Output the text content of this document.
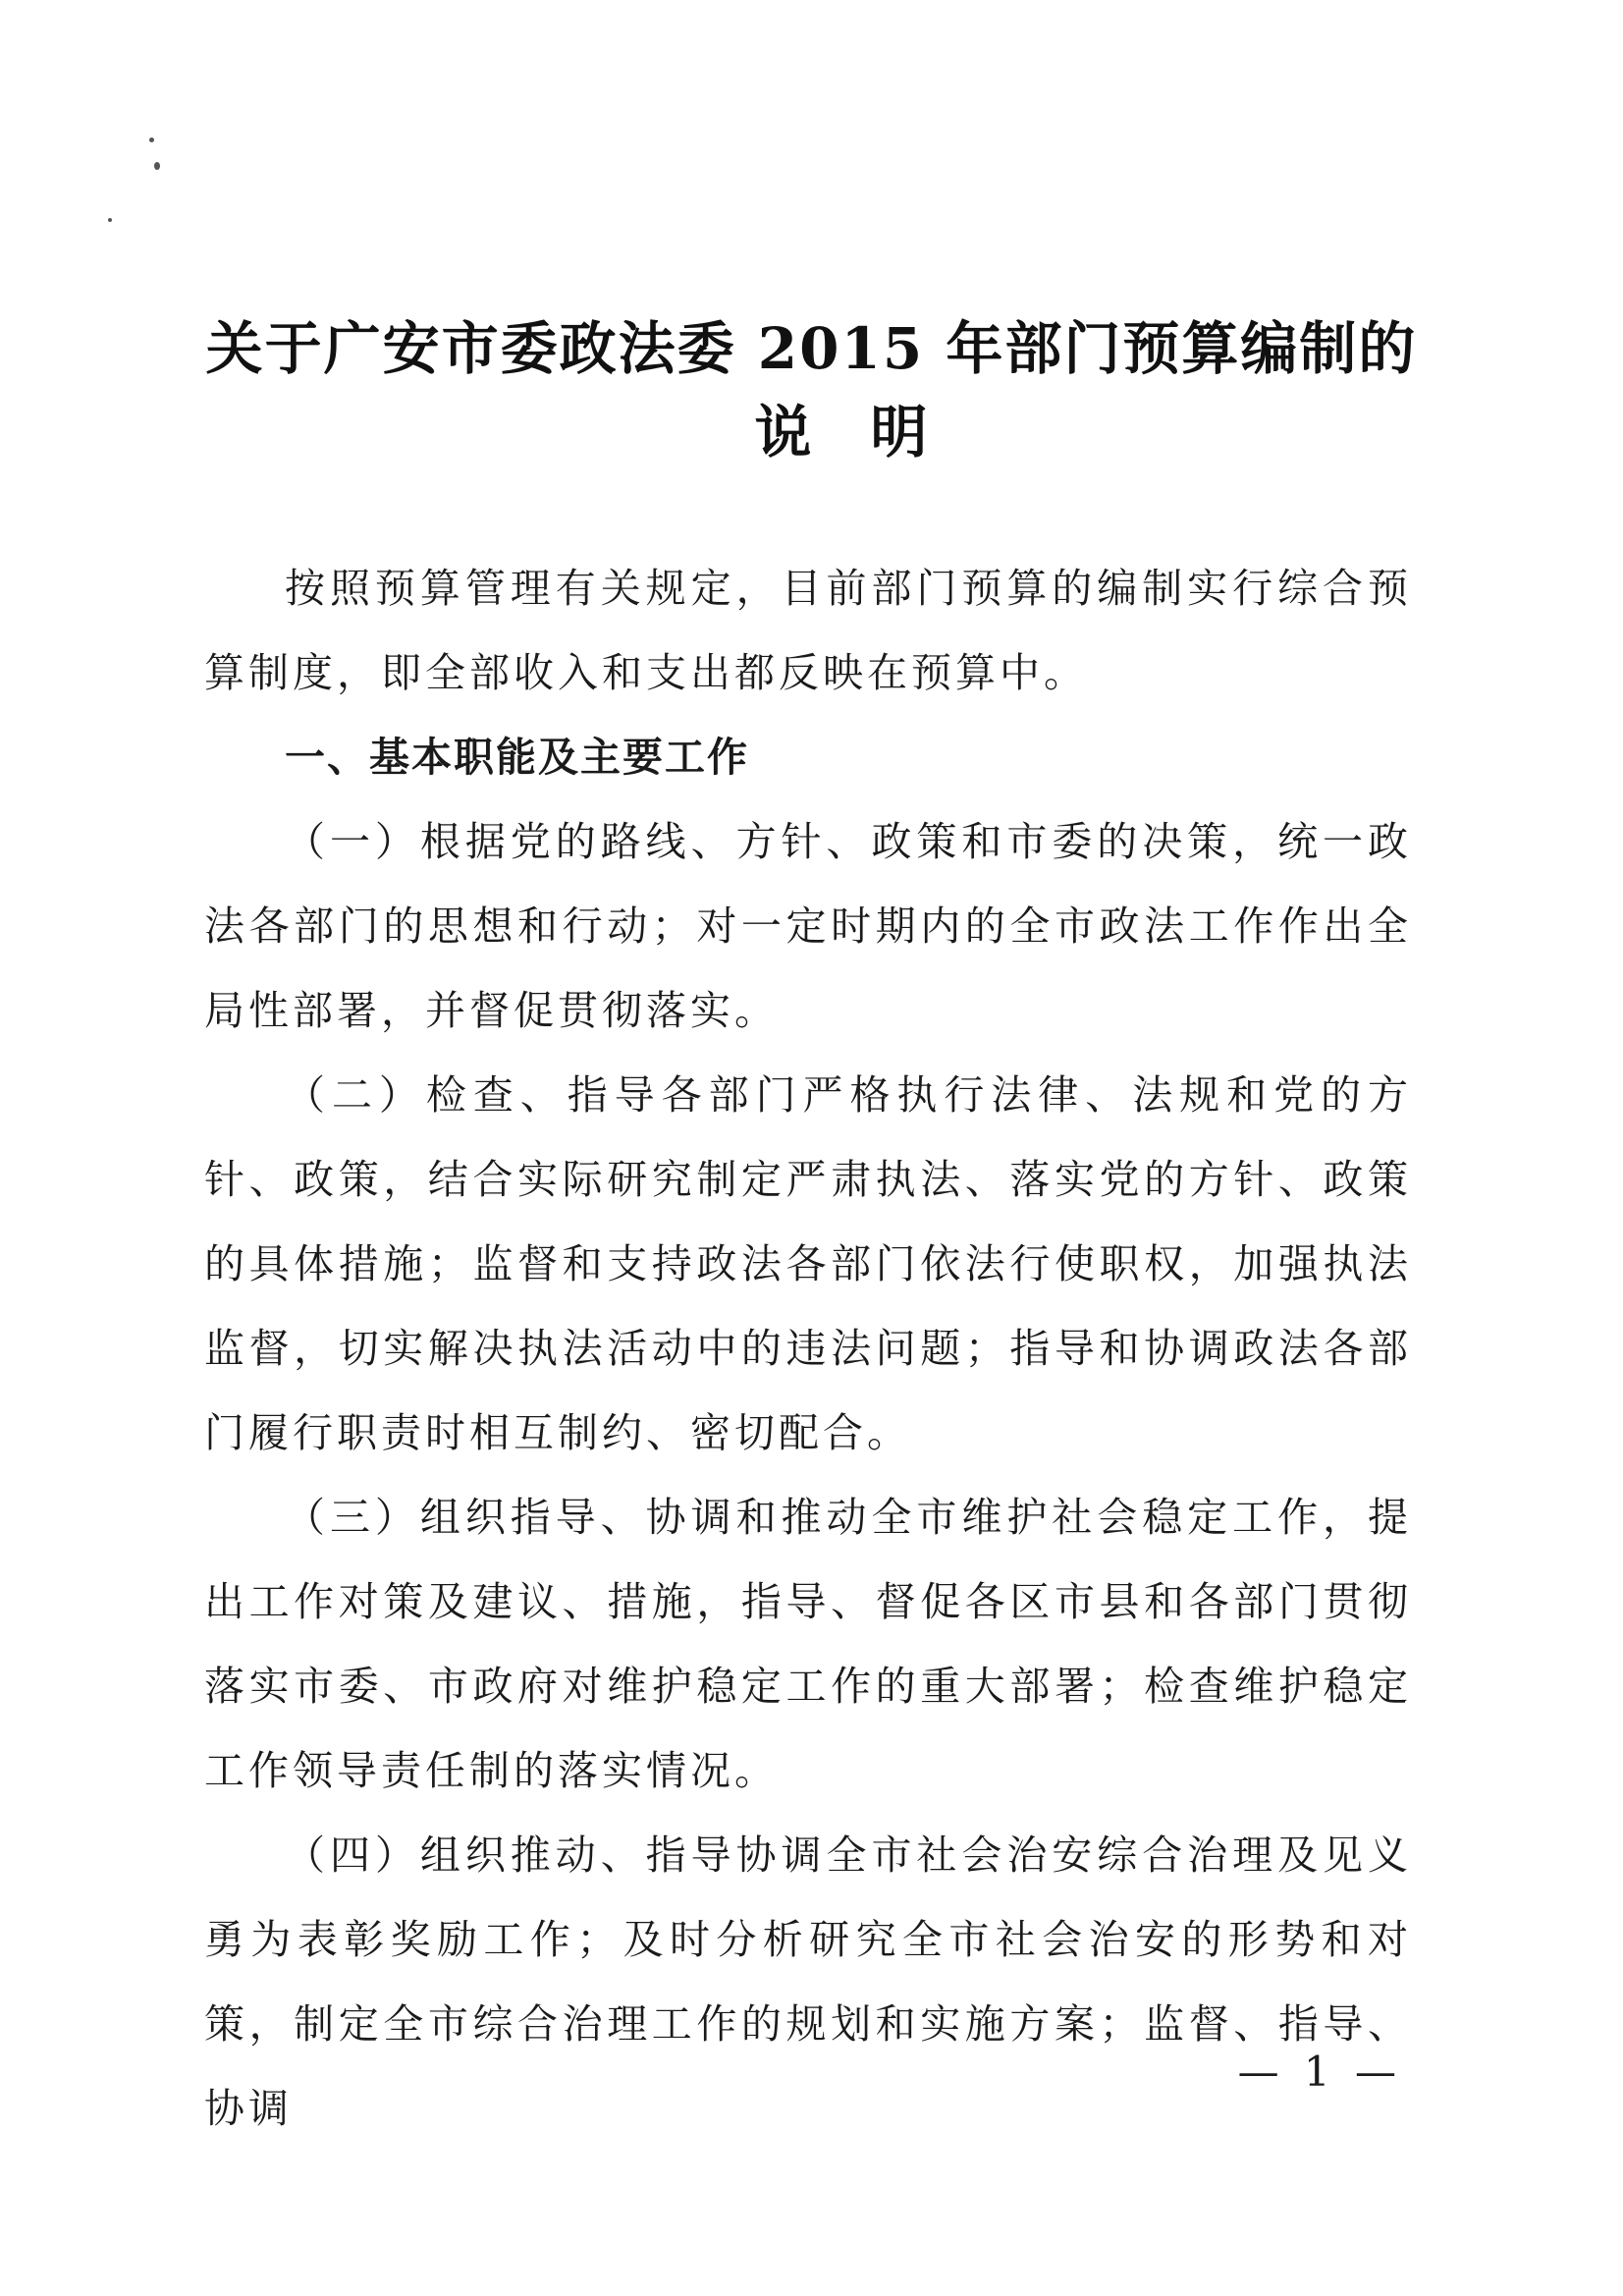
关于广安市委政法委 2015 年部门预算编制的
说明

按照预算管理有关规定，目前部门预算的编制实行综合预算制度，即全部收入和支出都反映在预算中。

一、基本职能及主要工作

（一）根据党的路线、方针、政策和市委的决策，统一政法各部门的思想和行动；对一定时期内的全市政法工作作出全局性部署，并督促贯彻落实。

（二）检查、指导各部门严格执行法律、法规和党的方针、政策，结合实际研究制定严肃执法、落实党的方针、政策的具体措施；监督和支持政法各部门依法行使职权，加强执法监督，切实解决执法活动中的违法问题；指导和协调政法各部门履行职责时相互制约、密切配合。

（三）组织指导、协调和推动全市维护社会稳定工作，提出工作对策及建议、措施，指导、督促各区市县和各部门贯彻落实市委、市政府对维护稳定工作的重大部署；检查维护稳定工作领导责任制的落实情况。

（四）组织推动、指导协调全市社会治安综合治理及见义勇为表彰奖励工作；及时分析研究全市社会治安的形势和对策，制定全市综合治理工作的规划和实施方案；监督、指导、协调

— 1 —
